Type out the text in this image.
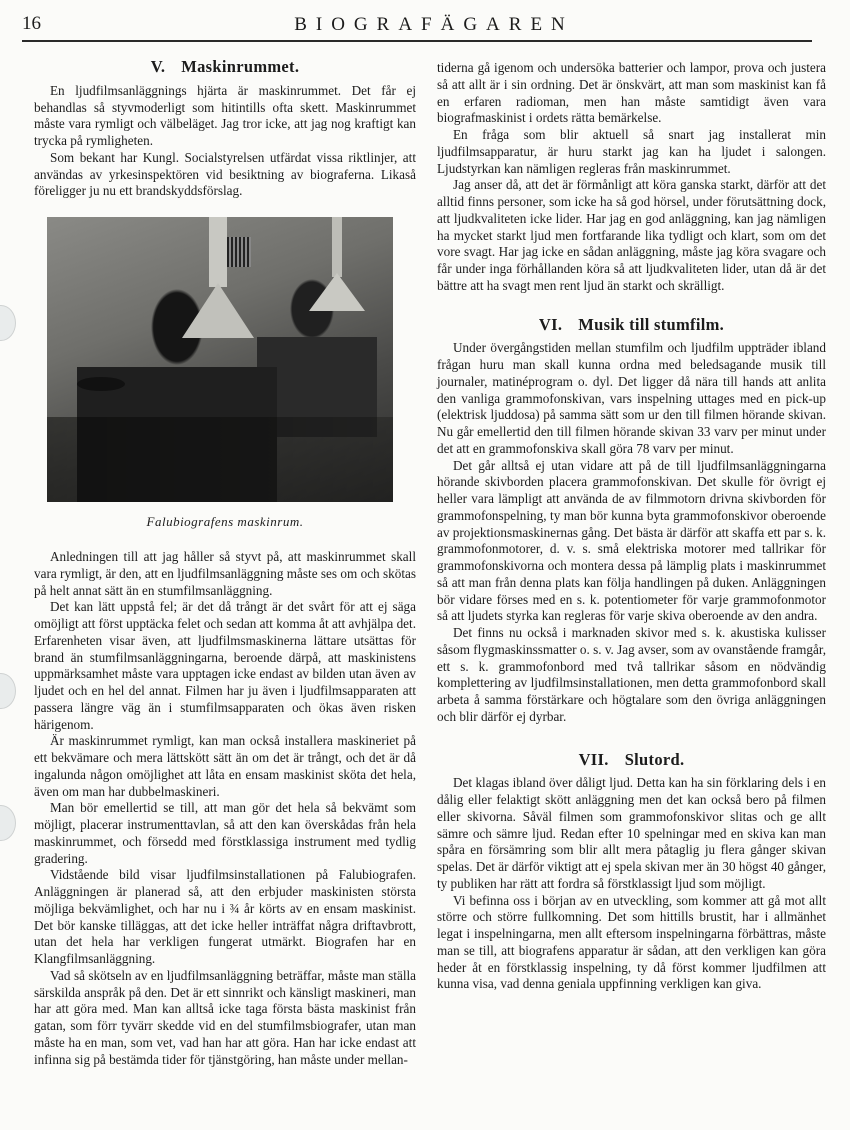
16	BIOGRAFÄGAREN
V. Maskinrummet.

En ljudfilmsanläggnings hjärta är maskinrummet. Det får ej behandlas så styvmoderligt som hitintills ofta skett. Maskinrummet måste vara rymligt och välbeläget. Jag tror icke, att jag nog kraftigt kan trycka på rymligheten.

Som bekant har Kungl. Socialstyrelsen utfärdat vissa riktlinjer, att användas av yrkesinspektören vid besiktning av biograferna. Likaså föreligger ju nu ett brandskyddsförslag.

Falubiografens maskinrum.

Anledningen till att jag håller så styvt på, att maskinrummet skall vara rymligt, är den, att en ljudfilmsanläggning måste ses om och skötas på helt annat sätt än en stumfilmsanläggning.

Det kan lätt uppstå fel; är det då trångt är det svårt för att ej säga omöjligt att först upptäcka felet och sedan att komma åt att avhjälpa det. Erfarenheten visar även, att ljudfilmsmaskinerna lättare utsättas för brand än stumfilmsanläggningarna, beroende därpå, att maskinistens uppmärksamhet måste vara upptagen icke endast av bilden utan även av ljudet och en hel del annat. Filmen har ju även i ljudfilmsapparaten att passera längre väg än i stumfilmsapparaten och ökas även risken härigenom.

Är maskinrummet rymligt, kan man också installera maskineriet på ett bekvämare och mera lättskött sätt än om det är trångt, och det är då ingalunda någon omöjlighet att låta en ensam maskinist sköta det hela, även om man har dubbelmaskineri.

Man bör emellertid se till, att man gör det hela så bekvämt som möjligt, placerar instrumenttavlan, så att den kan överskådas från hela maskinrummet, och försedd med förstklassiga instrument med tydlig gradering.

Vidstående bild visar ljudfilmsinstallationen på Falubiografen. Anläggningen är planerad så, att den erbjuder maskinisten största möjliga bekvämlighet, och har nu i ¾ år körts av en ensam maskinist. Det bör kanske tilläggas, att det icke heller inträffat några driftavbrott, utan det hela har verkligen fungerat utmärkt. Biografen har en Klangfilmsanläggning.

Vad så skötseln av en ljudfilmsanläggning beträffar, måste man ställa särskilda anspråk på den. Det är ett sinnrikt och känsligt maskineri, man har att göra med. Man kan alltså icke taga första bästa maskinist från gatan, som förr tyvärr skedde vid en del stumfilmsbiografer, utan man måste ha en man, som vet, vad han har att göra. Han har icke endast att infinna sig på bestämda tider för tjänstgöring, han måste under mellan-

tiderna gå igenom och undersöka batterier och lampor, prova och justera så att allt är i sin ordning. Det är önskvärt, att man som maskinist kan få en erfaren radioman, men han måste samtidigt även vara biografmaskinist i ordets rätta bemärkelse.

En fråga som blir aktuell så snart jag installerat min ljudfilmsapparatur, är huru starkt jag kan ha ljudet i salongen. Ljudstyrkan kan nämligen regleras från maskinrummet.

Jag anser då, att det är förmånligt att köra ganska starkt, därför att det alltid finns personer, som icke ha så god hörsel, under förutsättning dock, att ljudkvaliteten icke lider. Har jag en god anläggning, kan jag nämligen ha mycket starkt ljud men fortfarande lika tydligt och klart, som om det vore svagt. Har jag icke en sådan anläggning, måste jag köra svagare och får under inga förhållanden köra så att ljudkvaliteten lider, utan då är det bättre att ha svagt men rent ljud än starkt och skrälligt.

VI. Musik till stumfilm.

Under övergångstiden mellan stumfilm och ljudfilm uppträder ibland frågan huru man skall kunna ordna med beledsagande musik till journaler, matinéprogram o. dyl. Det ligger då nära till hands att anlita den vanliga grammofonskivan, vars inspelning uttages med en pick-up (elektrisk ljuddosa) på samma sätt som ur den till filmen hörande skivan. Nu går emellertid den till filmen hörande skivan 33 varv per minut under det att en grammofonskiva skall göra 78 varv per minut.

Det går alltså ej utan vidare att på de till ljudfilmsanläggningarna hörande skivborden placera grammofonskivan. Det skulle för övrigt ej heller vara lämpligt att använda de av filmmotorn drivna skivborden för grammofonspelning, ty man bör kunna byta grammofonskivor oberoende av projektionsmaskinernas gång. Det bästa är därför att skaffa ett par s. k. grammofonmotorer, d. v. s. små elektriska motorer med tallrikar för grammofonskivorna och montera dessa på lämplig plats i maskinrummet så att man från denna plats kan följa handlingen på duken. Anläggningen bör vidare förses med en s. k. potentiometer för varje grammofonmotor så att ljudets styrka kan regleras för varje skiva oberoende av den andra.

Det finns nu också i marknaden skivor med s. k. akustiska kulisser såsom flygmaskinssmatter o. s. v. Jag avser, som av ovanstående framgår, ett s. k. grammofonbord med två tallrikar såsom en nödvändig komplettering av ljudfilmsinstallationen, men detta grammofonbord skall arbeta å samma förstärkare och högtalare som den övriga anläggningen och blir därför ej dyrbar.

VII. Slutord.

Det klagas ibland över dåligt ljud. Detta kan ha sin förklaring dels i en dålig eller felaktigt skött anläggning men det kan också bero på filmen eller skivorna. Såväl filmen som grammofonskivor slitas och ge allt sämre och sämre ljud. Redan efter 10 spelningar med en skiva kan man spåra en försämring som blir allt mera påtaglig ju flera gånger skivan spelas. Det är därför viktigt att ej spela skivan mer än 30 högst 40 gånger, ty publiken har rätt att fordra så förstklassigt ljud som möjligt.

Vi befinna oss i början av en utveckling, som kommer att gå mot allt större och större fullkomning. Det som hittills brustit, har i allmänhet legat i inspelningarna, men allt eftersom inspelningarna förbättras, måste man se till, att biografens apparatur är sådan, att den verkligen kan göra heder åt en förstklassig inspelning, ty då först kommer ljudfilmen att kunna visa, vad denna geniala uppfinning verkligen kan giva.
